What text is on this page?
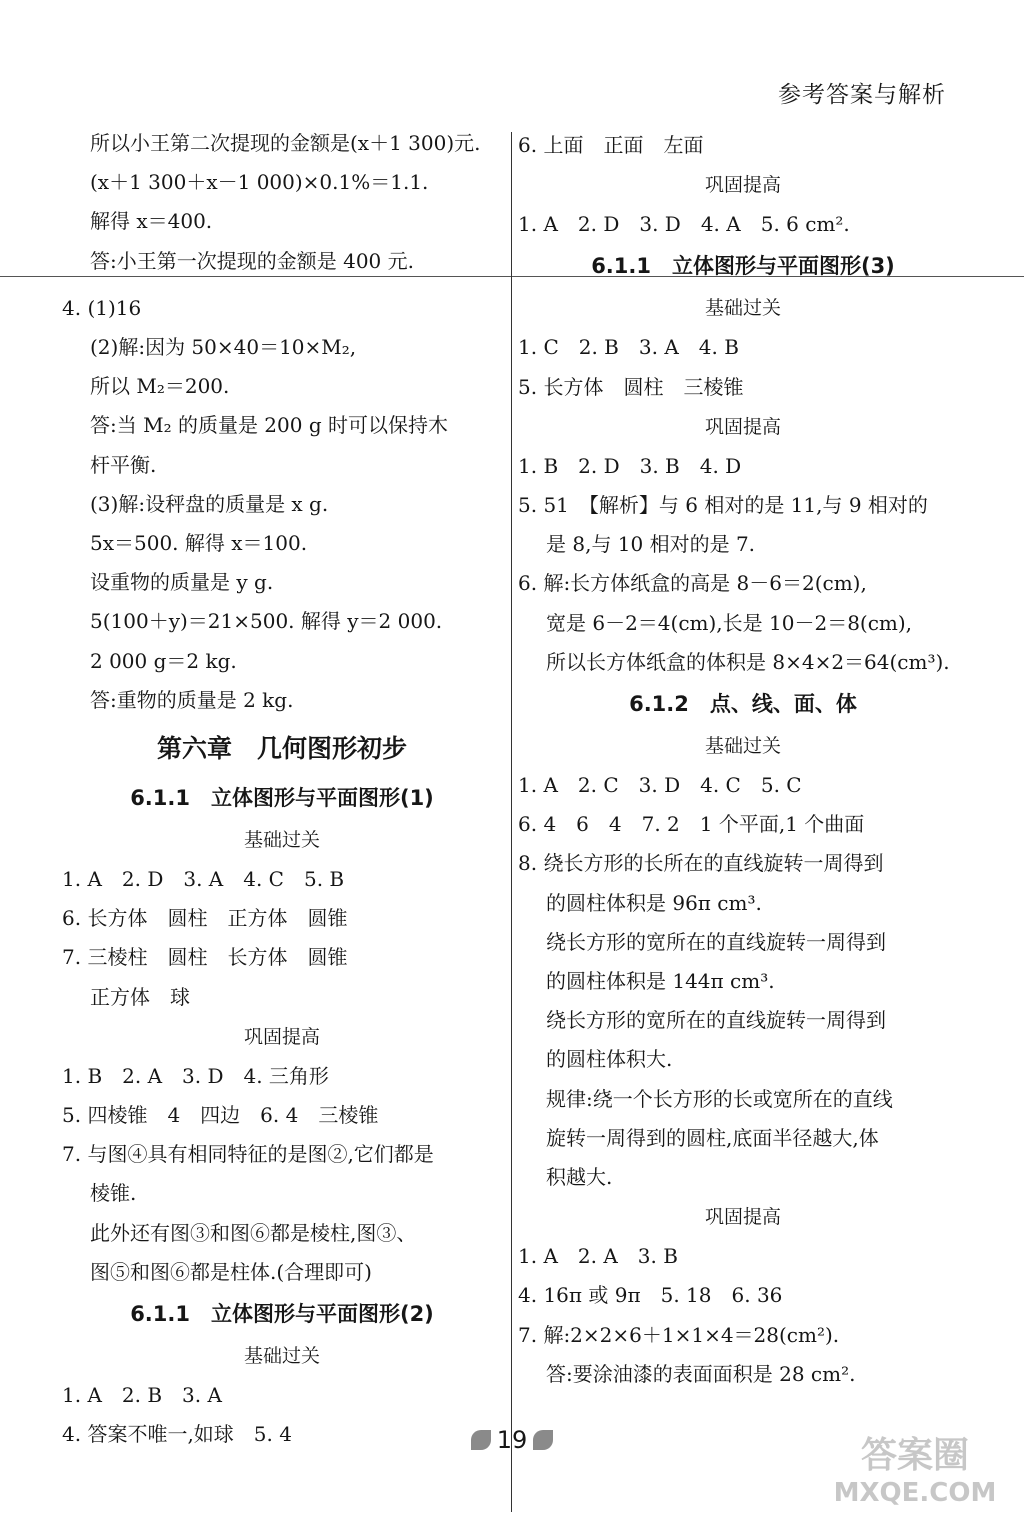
参考答案与解析
所以小王第二次提现的金额是(x＋1 300)元.
(x＋1 300＋x－1 000)×0.1%＝1.1.
解得 x＝400.
答:小王第一次提现的金额是 400 元.
4. (1)16
(2)解:因为 50×40＝10×M₂,
所以 M₂＝200.
答:当 M₂ 的质量是 200 g 时可以保持木
杆平衡.
(3)解:设秤盘的质量是 x g.
5x＝500. 解得 x＝100.
设重物的质量是 y g.
5(100＋y)＝21×500. 解得 y＝2 000.
2 000 g＝2 kg.
答:重物的质量是 2 kg.
第六章　几何图形初步
6.1.1　立体图形与平面图形(1)
基础过关
1. A　2. D　3. A　4. C　5. B
6. 长方体　圆柱　正方体　圆锥
7. 三棱柱　圆柱　长方体　圆锥
正方体　球
巩固提高
1. B　2. A　3. D　4. 三角形
5. 四棱锥　4　四边　6. 4　三棱锥
7. 与图④具有相同特征的是图②,它们都是
棱锥.
此外还有图③和图⑥都是棱柱,图③、
图⑤和图⑥都是柱体.(合理即可)
6.1.1　立体图形与平面图形(2)
基础过关
1. A　2. B　3. A
4. 答案不唯一,如球　5. 4
6. 上面　正面　左面
巩固提高
1. A　2. D　3. D　4. A　5. 6 cm².
6.1.1　立体图形与平面图形(3)
基础过关
1. C　2. B　3. A　4. B
5. 长方体　圆柱　三棱锥
巩固提高
1. B　2. D　3. B　4. D
5. 51　【解析】与 6 相对的是 11,与 9 相对的
是 8,与 10 相对的是 7.
6. 解:长方体纸盒的高是 8－6＝2(cm),
宽是 6－2＝4(cm),长是 10－2＝8(cm),
所以长方体纸盒的体积是 8×4×2＝64(cm³).
6.1.2　点、线、面、体
基础过关
1. A　2. C　3. D　4. C　5. C
6. 4　6　4　7. 2　1 个平面,1 个曲面
8. 绕长方形的长所在的直线旋转一周得到
的圆柱体积是 96π cm³.
绕长方形的宽所在的直线旋转一周得到
的圆柱体积是 144π cm³.
绕长方形的宽所在的直线旋转一周得到
的圆柱体积大.
规律:绕一个长方形的长或宽所在的直线
旋转一周得到的圆柱,底面半径越大,体
积越大.
巩固提高
1. A　2. A　3. B
4. 16π 或 9π　5. 18　6. 36
7. 解:2×2×6＋1×1×4＝28(cm²).
答:要涂油漆的表面面积是 28 cm².
19	答案圈
MXQE.COM
